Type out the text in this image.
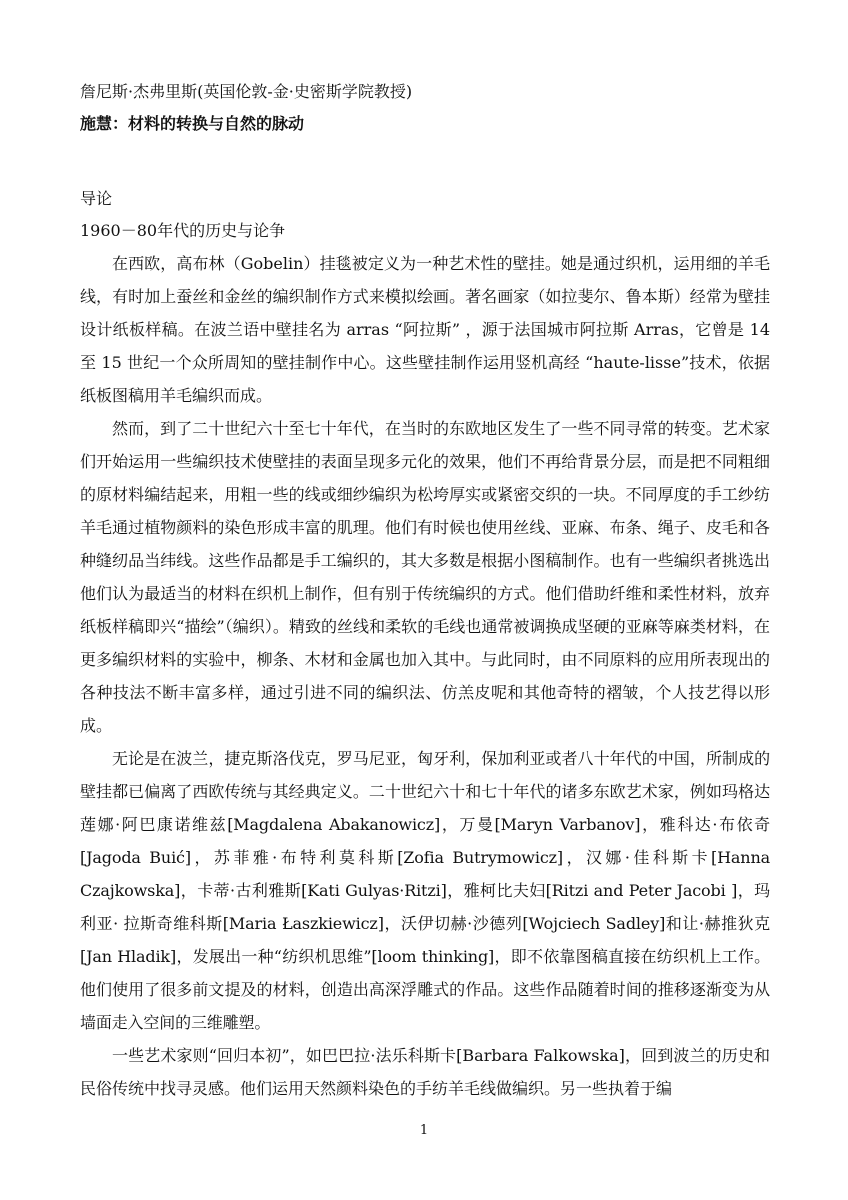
詹尼斯·杰弗里斯(英国伦敦-金·史密斯学院教授)
施慧：材料的转换与自然的脉动
导论
1960－80年代的历史与论争

在西欧，高布林（Gobelin）挂毯被定义为一种艺术性的壁挂。她是通过织机，运用细的羊毛线，有时加上蚕丝和金丝的编织制作方式来模拟绘画。著名画家（如拉斐尔、鲁本斯）经常为壁挂设计纸板样稿。在波兰语中壁挂名为 arras “阿拉斯” ，源于法国城市阿拉斯 Arras，它曾是 14 至 15 世纪一个众所周知的壁挂制作中心。这些壁挂制作运用竖机高经 “haute-lisse”技术，依据纸板图稿用羊毛编织而成。

然而，到了二十世纪六十至七十年代，在当时的东欧地区发生了一些不同寻常的转变。艺术家们开始运用一些编织技术使壁挂的表面呈现多元化的效果，他们不再给背景分层，而是把不同粗细的原材料编结起来，用粗一些的线或细纱编织为松垮厚实或紧密交织的一块。不同厚度的手工纱纺羊毛通过植物颜料的染色形成丰富的肌理。他们有时候也使用丝线、亚麻、布条、绳子、皮毛和各种缝纫品当纬线。这些作品都是手工编织的，其大多数是根据小图稿制作。也有一些编织者挑选出他们认为最适当的材料在织机上制作，但有别于传统编织的方式。他们借助纤维和柔性材料，放弃纸板样稿即兴“描绘”（编织）。精致的丝线和柔软的毛线也通常被调换成坚硬的亚麻等麻类材料，在更多编织材料的实验中，柳条、木材和金属也加入其中。与此同时，由不同原料的应用所表现出的各种技法不断丰富多样，通过引进不同的编织法、仿羔皮呢和其他奇特的褶皱，个人技艺得以形成。

无论是在波兰，捷克斯洛伐克，罗马尼亚，匈牙利，保加利亚或者八十年代的中国，所制成的壁挂都已偏离了西欧传统与其经典定义。二十世纪六十和七十年代的诸多东欧艺术家，例如玛格达莲娜·阿巴康诺维兹[Magdalena Abakanowicz]，万曼[Maryn Varbanov]，雅科达·布依奇[Jagoda Buić]，苏菲雅·布特利莫科斯[Zofia Butrymowicz]，汉娜·佳科斯卡[Hanna Czajkowska]，卡蒂·古利雅斯[Kati Gulyas·Ritzi]，雅柯比夫妇[Ritzi and Peter Jacobi ]，玛利亚· 拉斯奇维科斯[Maria Łaszkiewicz]，沃伊切赫·沙德列[Wojciech Sadley]和让·赫推狄克[Jan Hladik]，发展出一种“纺织机思维”[loom thinking]，即不依靠图稿直接在纺织机上工作。他们使用了很多前文提及的材料，创造出高深浮雕式的作品。这些作品随着时间的推移逐渐变为从墙面走入空间的三维雕塑。

一些艺术家则“回归本初”，如巴巴拉·法乐科斯卡[Barbara Falkowska]，回到波兰的历史和民俗传统中找寻灵感。他们运用天然颜料染色的手纺羊毛线做编织。另一些执着于编

1
